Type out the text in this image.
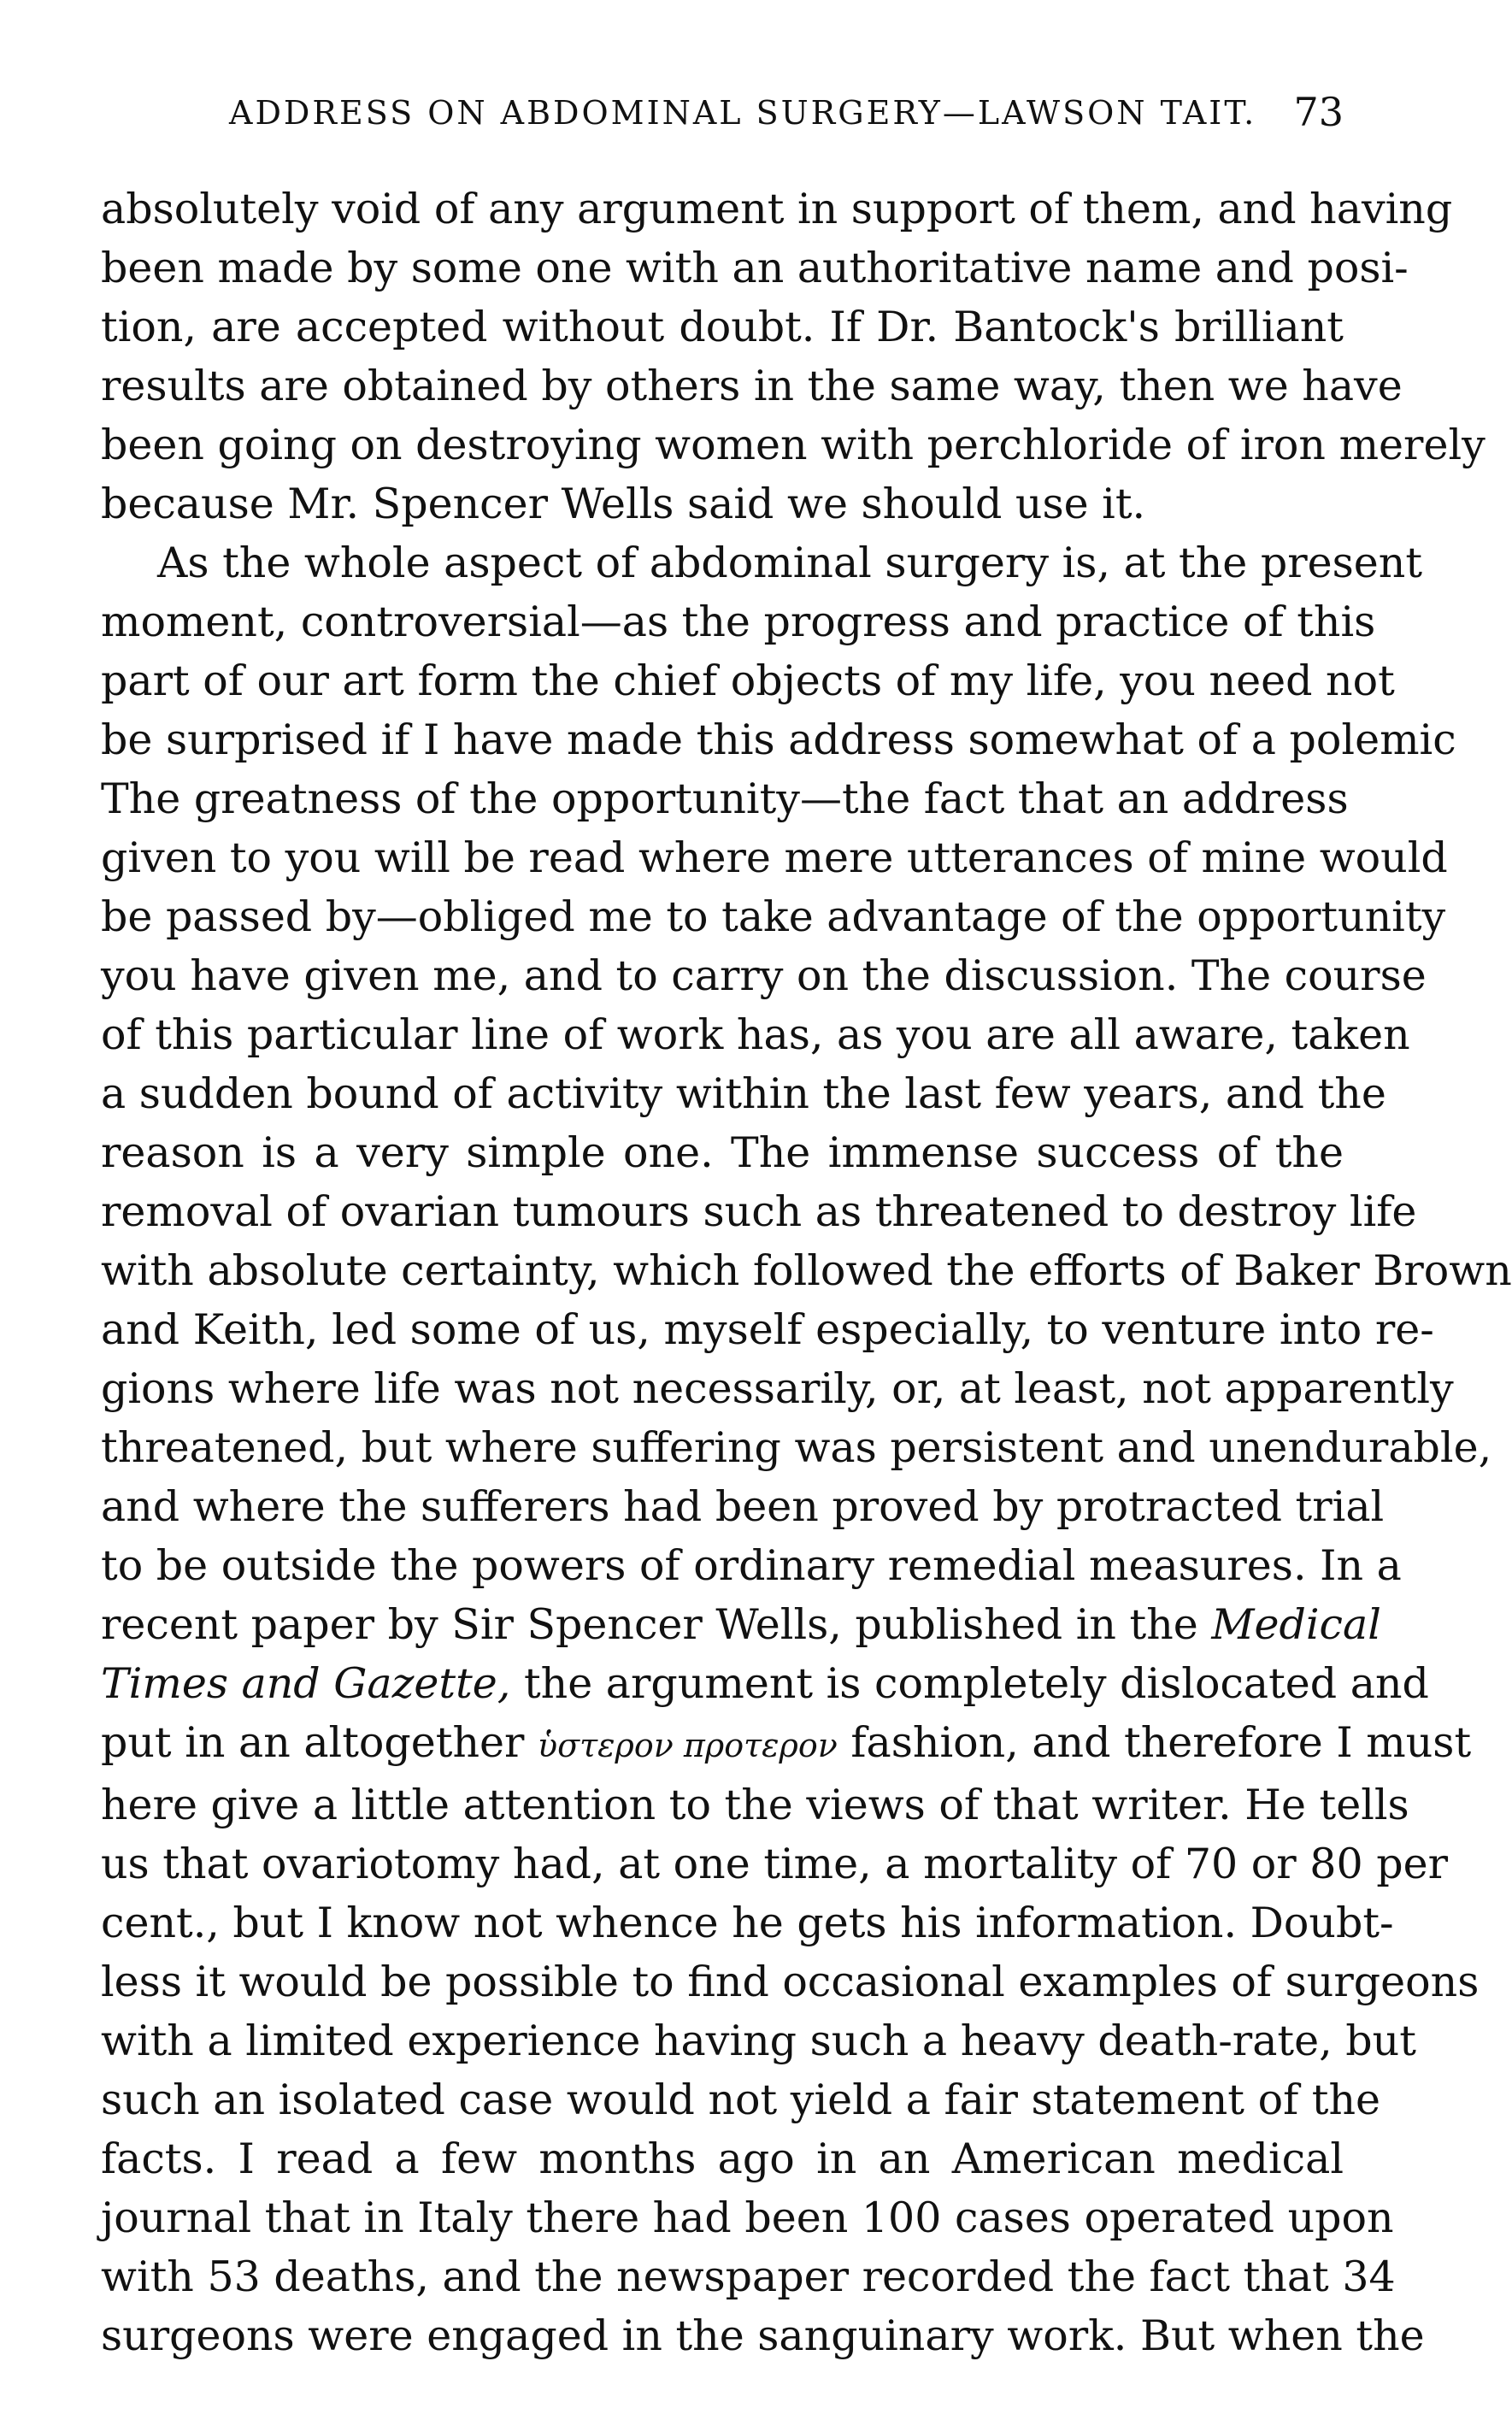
ADDRESS ON ABDOMINAL SURGERY—LAWSON TAIT. 73

absolutely void of any argument in support of them, and having
been made by some one with an authoritative name and posi-
tion, are accepted without doubt. If Dr. Bantock's brilliant
results are obtained by others in the same way, then we have
been going on destroying women with perchloride of iron merely
because Mr. Spencer Wells said we should use it.

As the whole aspect of abdominal surgery is, at the present
moment, controversial—as the progress and practice of this
part of our art form the chief objects of my life, you need not
be surprised if I have made this address somewhat of a polemic
The greatness of the opportunity—the fact that an address
given to you will be read where mere utterances of mine would
be passed by—obliged me to take advantage of the opportunity
you have given me, and to carry on the discussion. The course
of this particular line of work has, as you are all aware, taken
a sudden bound of activity within the last few years, and the
reason is a very simple one. The immense success of the
removal of ovarian tumours such as threatened to destroy life
with absolute certainty, which followed the efforts of Baker Brown
and Keith, led some of us, myself especially, to venture into re-
gions where life was not necessarily, or, at least, not apparently
threatened, but where suffering was persistent and unendurable,
and where the sufferers had been proved by protracted trial
to be outside the powers of ordinary remedial measures. In a
recent paper by Sir Spencer Wells, published in the Medical
Times and Gazette, the argument is completely dislocated and
put in an altogether ὑστερον προτερον fashion, and therefore I must
here give a little attention to the views of that writer. He tells
us that ovariotomy had, at one time, a mortality of 70 or 80 per
cent., but I know not whence he gets his information. Doubt-
less it would be possible to find occasional examples of surgeons
with a limited experience having such a heavy death-rate, but
such an isolated case would not yield a fair statement of the
facts. I read a few months ago in an American medical
journal that in Italy there had been 100 cases operated upon
with 53 deaths, and the newspaper recorded the fact that 34
surgeons were engaged in the sanguinary work. But when the
